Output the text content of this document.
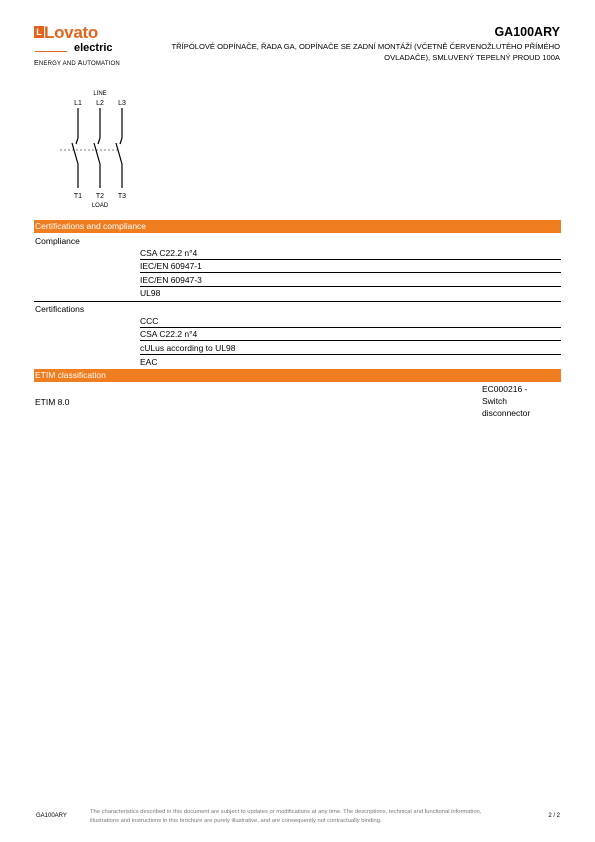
L Lovato
electric
ENERGY AND AUTOMATION
GA100ARY
TŘÍPÓLOVÉ ODPÍNAČE, ŘADA GA, ODPÍNAČE SE ZADNÍ MONTÁŽÍ (VČETNĚ ČERVENOŽLUTÉHO PŘÍMÉHO OVLADAČE), SMLUVENÝ TEPELNÝ PROUD 100A
LINE
L1 L2 L3
T1 T2 T3
LOAD
Certifications and compliance
Compliance
CSA C22.2 n°4
IEC/EN 60947-1
IEC/EN 60947-3
UL98
Certifications
CCC
CSA C22.2 n°4
cULus according to UL98
EAC
ETIM classification
ETIM 8.0
EC000216 - Switch disconnector
GA100ARY
The characteristics described in this document are subject to updates or modifications at any time. The descriptions, technical and functional information, illustrations and instructions in this brochure are purely illustrative, and are consequently not contractually binding.
2 / 2
